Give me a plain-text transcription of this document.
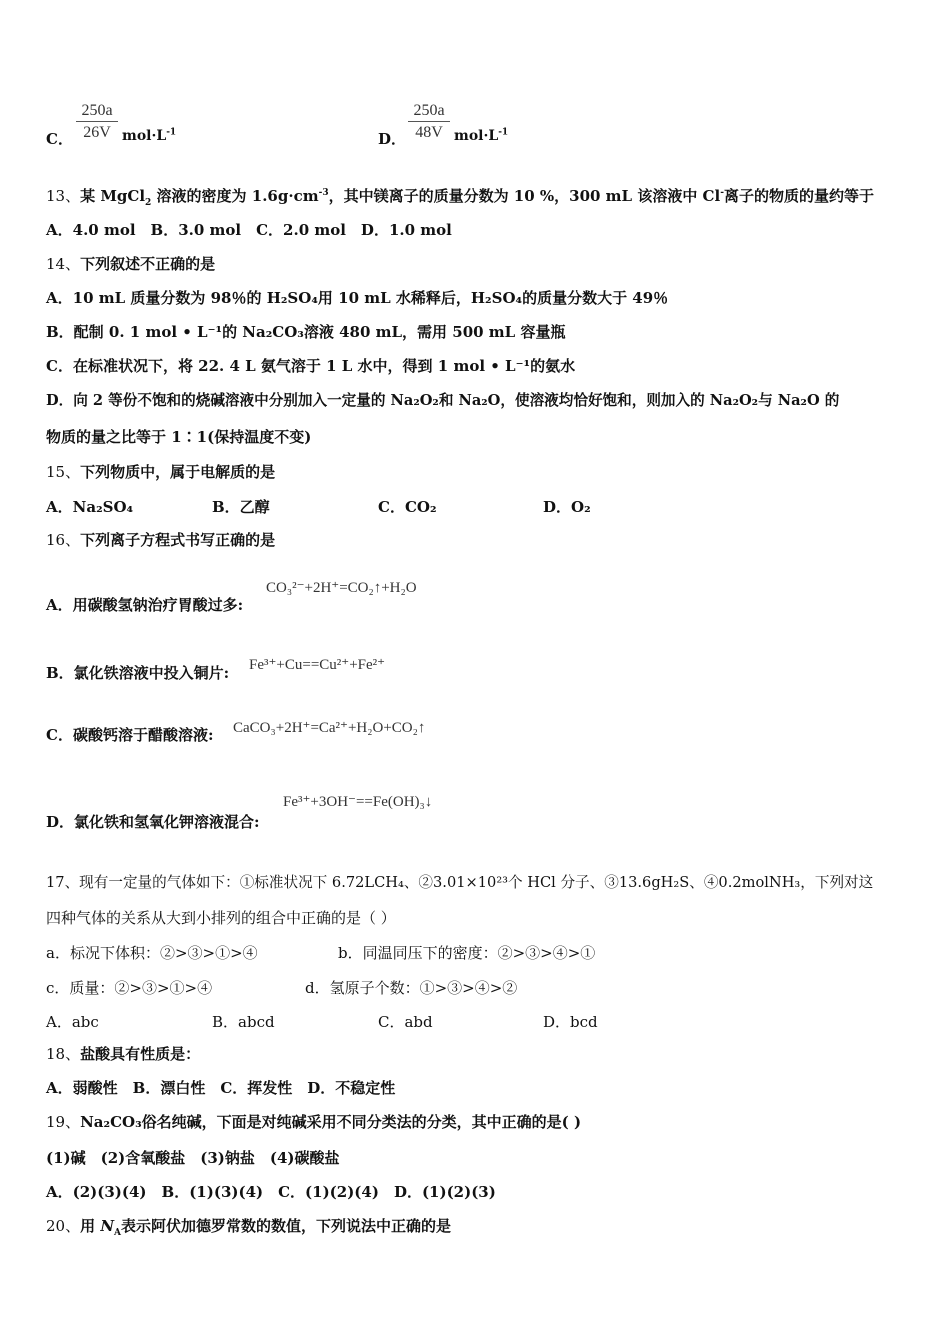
C． $\frac{250a}{26V} mol\cdot L^{-1}$	D． $\frac{250a}{48V} mol\cdot L^{-1}$
13、某 MgCl$_2$ 溶液的密度为 $1.6g\cdot cm^{-3}$，其中镁离子的质量分数为 10 %，300 mL 该溶液中 Cl-离子的物质的量约等于
A．4.0 mol　B．3.0 mol　C．2.0 mol　D．1.0 mol
14、下列叙述不正确的是
A．10 mL 质量分数为 98％的 H₂SO₄用 10 mL 水稀释后，H₂SO₄的质量分数大于 49％
B．配制 0. 1 mol • L⁻¹的 Na₂CO₃溶液 480 mL，需用 500 mL 容量瓶
C．在标准状况下，将 22. 4 L 氨气溶于 1 L 水中，得到 1 mol • L⁻¹的氨水
D．向 2 等份不饱和的烧碱溶液中分别加入一定量的 Na₂O₂和 Na₂O，使溶液均恰好饱和，则加入的 Na₂O₂与 Na₂O 的
物质的量之比等于 1∶1(保持温度不变)
15、下列物质中，属于电解质的是
A．Na₂SO₄	B．乙醇	C．CO₂	D．O₂
16、下列离子方程式书写正确的是
A．用碳酸氢钠治疗胃酸过多:
CO₃²⁻+2H⁺=CO₂↑+H₂O
B．氯化铁溶液中投入铜片: Fe³⁺+Cu==Cu²⁺+Fe²⁺
C．碳酸钙溶于醋酸溶液: CaCO₃+2H⁺=Ca²⁺+H₂O+CO₂↑
D．氯化铁和氢氧化钾溶液混合:
Fe³⁺+3OH⁻==Fe(OH)₃↓
17、现有一定量的气体如下：①标准状况下 6.72LCH₄、②3.01×10²³个 HCl 分子、③13.6gH₂S、④0.2molNH₃，下列对这
四种气体的关系从大到小排列的组合中正确的是（ ）
a．标况下体积：②>③>①>④	b．同温同压下的密度：②>③>④>①
c．质量：②>③>①>④	d．氢原子个数：①>③>④>②
A．abc	B．abcd	C．abd	D．bcd
18、盐酸具有性质是：
A．弱酸性　B．漂白性　C．挥发性　D．不稳定性
19、Na₂CO₃俗名纯碱，下面是对纯碱采用不同分类法的分类，其中正确的是( )
(1)碱　(2)含氧酸盐　(3)钠盐　(4)碳酸盐
A．(2)(3)(4)　B．(1)(3)(4)　C．(1)(2)(4)　D．(1)(2)(3)
20、用 $N_A$表示阿伏加德罗常数的数值，下列说法中正确的是
